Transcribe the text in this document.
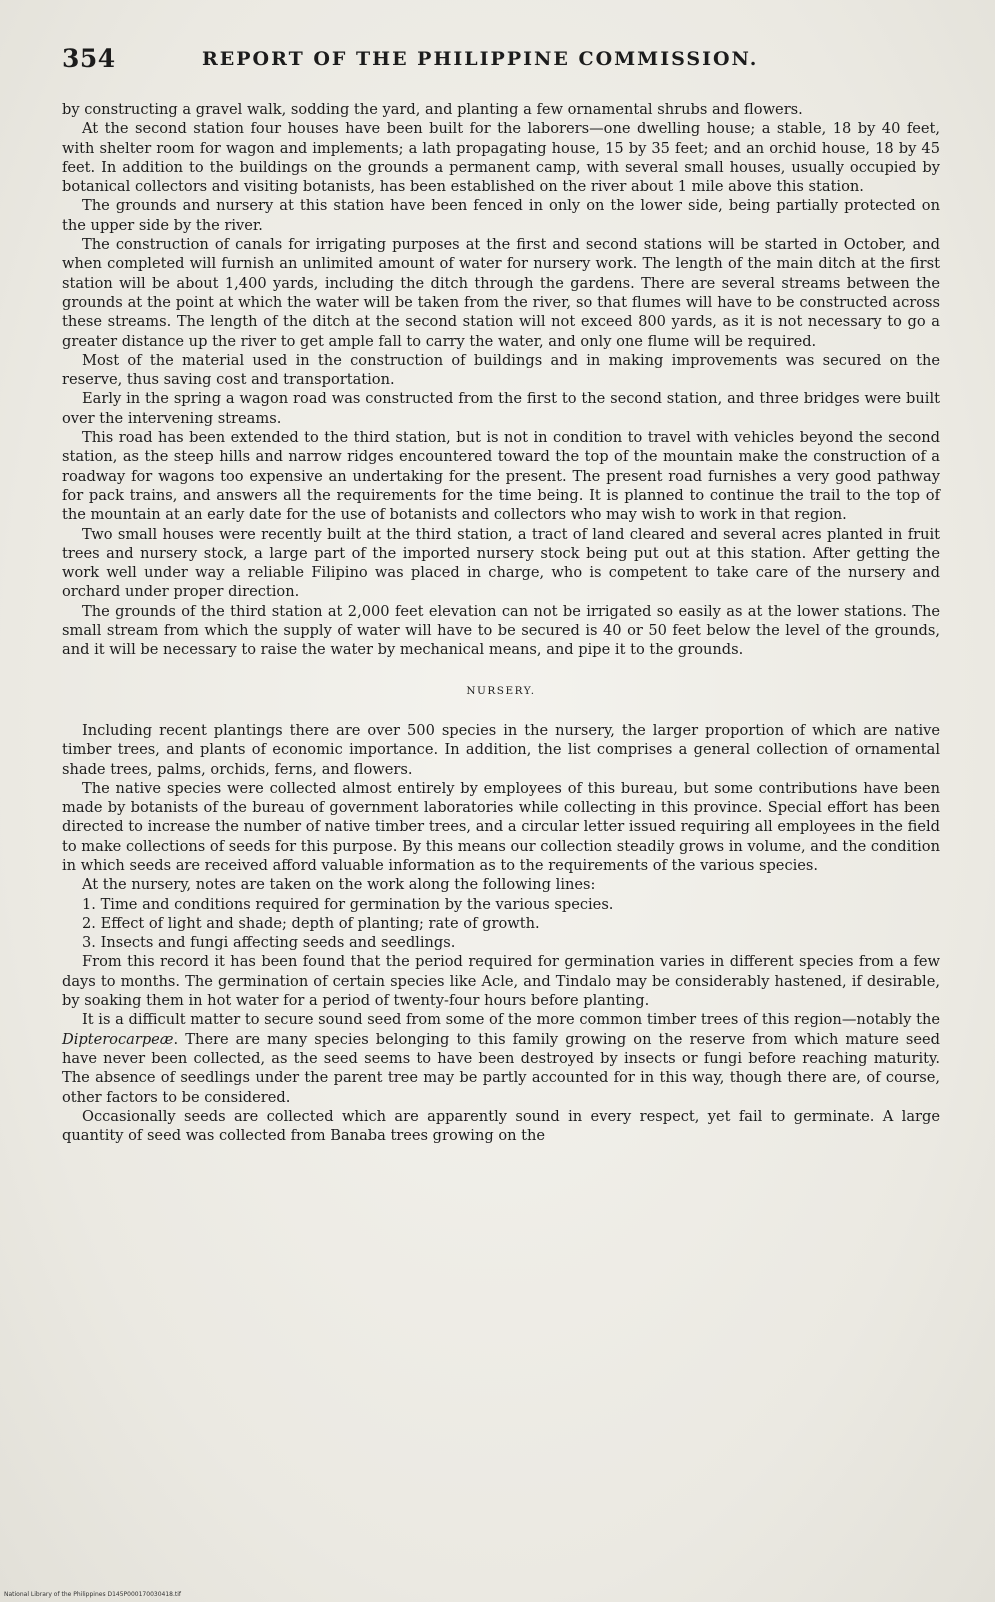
354	REPORT OF THE PHILIPPINE COMMISSION.

by constructing a gravel walk, sodding the yard, and planting a few ornamental shrubs and flowers.

At the second station four houses have been built for the laborers—one dwelling house; a stable, 18 by 40 feet, with shelter room for wagon and implements; a lath propagating house, 15 by 35 feet; and an orchid house, 18 by 45 feet. In addition to the buildings on the grounds a permanent camp, with several small houses, usually occupied by botanical collectors and visiting botanists, has been established on the river about 1 mile above this station.

The grounds and nursery at this station have been fenced in only on the lower side, being partially protected on the upper side by the river.

The construction of canals for irrigating purposes at the first and second stations will be started in October, and when completed will furnish an unlimited amount of water for nursery work. The length of the main ditch at the first station will be about 1,400 yards, including the ditch through the gardens. There are several streams between the grounds at the point at which the water will be taken from the river, so that flumes will have to be constructed across these streams. The length of the ditch at the second station will not exceed 800 yards, as it is not necessary to go a greater distance up the river to get ample fall to carry the water, and only one flume will be required.

Most of the material used in the construction of buildings and in making improvements was secured on the reserve, thus saving cost and transportation.

Early in the spring a wagon road was constructed from the first to the second station, and three bridges were built over the intervening streams.

This road has been extended to the third station, but is not in condition to travel with vehicles beyond the second station, as the steep hills and narrow ridges encountered toward the top of the mountain make the construction of a roadway for wagons too expensive an undertaking for the present. The present road furnishes a very good pathway for pack trains, and answers all the requirements for the time being. It is planned to continue the trail to the top of the mountain at an early date for the use of botanists and collectors who may wish to work in that region.

Two small houses were recently built at the third station, a tract of land cleared and several acres planted in fruit trees and nursery stock, a large part of the imported nursery stock being put out at this station. After getting the work well under way a reliable Filipino was placed in charge, who is competent to take care of the nursery and orchard under proper direction.

The grounds of the third station at 2,000 feet elevation can not be irrigated so easily as at the lower stations. The small stream from which the supply of water will have to be secured is 40 or 50 feet below the level of the grounds, and it will be necessary to raise the water by mechanical means, and pipe it to the grounds.

NURSERY.

Including recent plantings there are over 500 species in the nursery, the larger proportion of which are native timber trees, and plants of economic importance. In addition, the list comprises a general collection of ornamental shade trees, palms, orchids, ferns, and flowers.

The native species were collected almost entirely by employees of this bureau, but some contributions have been made by botanists of the bureau of government laboratories while collecting in this province. Special effort has been directed to increase the number of native timber trees, and a circular letter issued requiring all employees in the field to make collections of seeds for this purpose. By this means our collection steadily grows in volume, and the condition in which seeds are received afford valuable information as to the requirements of the various species.

At the nursery, notes are taken on the work along the following lines:

1. Time and conditions required for germination by the various species.
2. Effect of light and shade; depth of planting; rate of growth.
3. Insects and fungi affecting seeds and seedlings.

From this record it has been found that the period required for germination varies in different species from a few days to months. The germination of certain species like Acle, and Tindalo may be considerably hastened, if desirable, by soaking them in hot water for a period of twenty-four hours before planting.

It is a difficult matter to secure sound seed from some of the more common timber trees of this region—notably the Dipterocarpeæ. There are many species belonging to this family growing on the reserve from which mature seed have never been collected, as the seed seems to have been destroyed by insects or fungi before reaching maturity. The absence of seedlings under the parent tree may be partly accounted for in this way, though there are, of course, other factors to be considered.

Occasionally seeds are collected which are apparently sound in every respect, yet fail to germinate. A large quantity of seed was collected from Banaba trees growing on the

National Library of the Philippines D145P000170030418.tif
